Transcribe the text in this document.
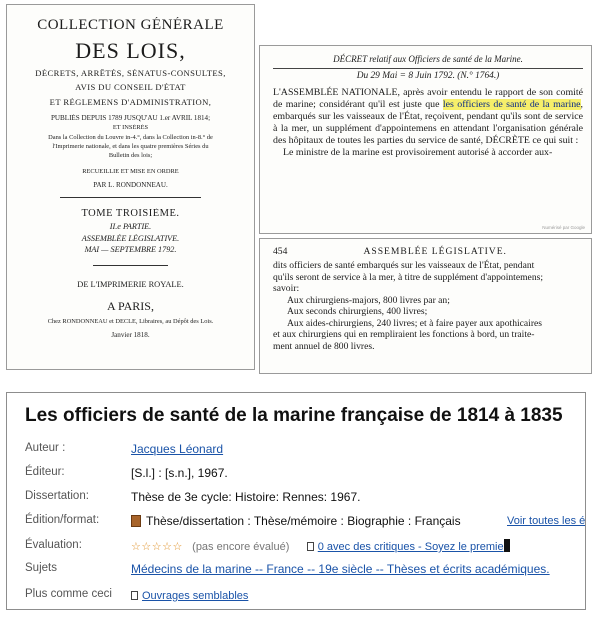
COLLECTION GÉNÉRALE
DES LOIS,
DÉCRETS, ARRÊTÉS, SÉNATUS-CONSULTES,
AVIS DU CONSEIL D'ÉTAT
ET RÈGLEMENS D'ADMINISTRATION,
PUBLIÉS DEPUIS 1789 JUSQU'AU 1.er AVRIL 1814;
ET INSÉRÉS
Dans la Collection du Louvre in-4.°, dans la Collection in-8.° de
l'Imprimerie nationale, et dans les quatre premières Séries du
Bulletin des lois;
RECUEILLIE ET MISE EN ORDRE
PAR L. RONDONNEAU.
TOME TROISIÈME.
II.e PARTIE.
ASSEMBLÉE LÉGISLATIVE.
MAI — SEPTEMBRE 1792.
DE L'IMPRIMERIE ROYALE.
A PARIS,
Chez RONDONNEAU et DECLE, Libraires, au Dépôt des Lois.
Janvier 1818.
DÉCRET relatif aux Officiers de santé de la Marine.
Du 29 Mai = 8 Juin 1792. (N.° 1764.)

L'ASSEMBLÉE NATIONALE, après avoir entendu le rapport de son comité de marine; considérant qu'il est juste que les officiers de santé de la marine, embarqués sur les vaisseaux de l'État, reçoivent, pendant qu'ils sont de service à la mer, un supplément d'appointemens en attendant l'organisation générale des hôpitaux de toutes les parties du service de santé, DÉCRÈTE ce qui suit :

Le ministre de la marine est provisoirement autorisé à accorder aux-

Numérisé par Google
454	ASSEMBLÉE LÉGISLATIVE.
dits officiers de santé embarqués sur les vaisseaux de l'État, pendant
qu'ils seront de service à la mer, à titre de supplément d'appointemens;
savoir:
Aux chirurgiens-majors, 800 livres par an;
Aux seconds chirurgiens, 400 livres;
Aux aides-chirurgiens, 240 livres; et à faire payer aux apothicaires
et aux chirurgiens qui en rempliraient les fonctions à bord, un traite-
ment annuel de 800 livres.
Les officiers de santé de la marine française de 1814 à 1835
Auteur :	Jacques Léonard
Éditeur:	[S.l.] : [s.n.], 1967.
Dissertation:	Thèse de 3e cycle: Histoire: Rennes: 1967.
Édition/format:	Thèse/dissertation : Thèse/mémoire : Biographie : Français	Voir toutes les é
Évaluation:	☆☆☆☆☆ (pas encore évalué)	0 avec des critiques - Soyez le premie
Sujets	Médecins de la marine -- France -- 19e siècle -- Thèses et écrits académiques.
Plus comme ceci	Ouvrages semblables
